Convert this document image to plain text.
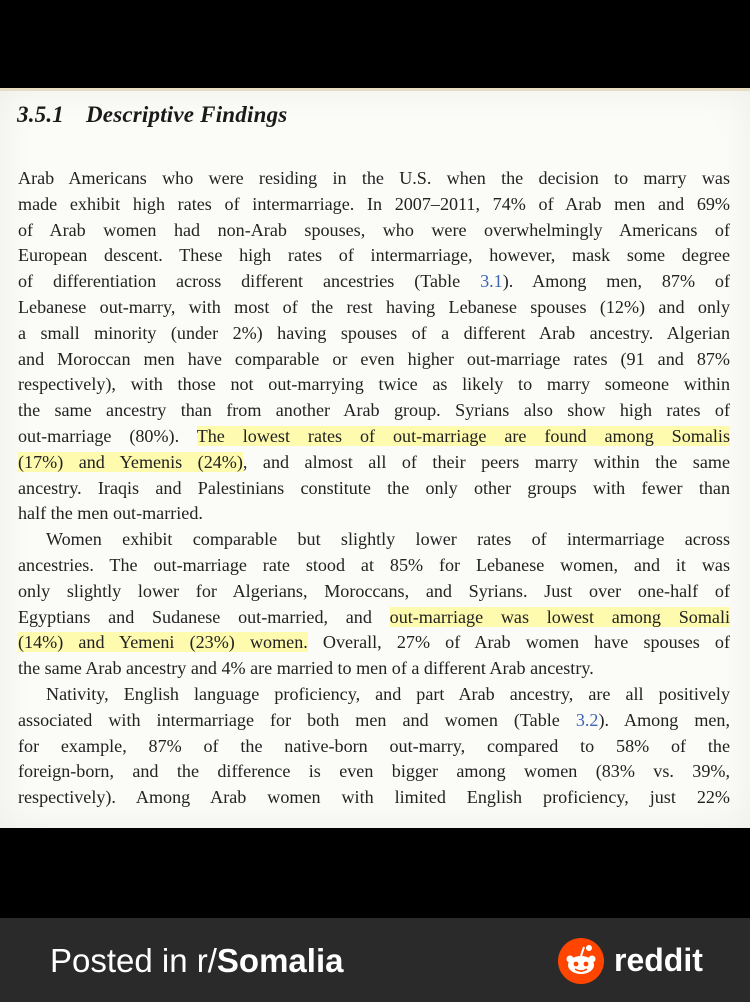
3.5.1 Descriptive Findings
Arab Americans who were residing in the U.S. when the decision to marry was
made exhibit high rates of intermarriage. In 2007–2011, 74% of Arab men and 69%
of Arab women had non-Arab spouses, who were overwhelmingly Americans of
European descent. These high rates of intermarriage, however, mask some degree
of differentiation across different ancestries (Table 3.1). Among men, 87% of
Lebanese out-marry, with most of the rest having Lebanese spouses (12%) and only
a small minority (under 2%) having spouses of a different Arab ancestry. Algerian
and Moroccan men have comparable or even higher out-marriage rates (91 and 87%
respectively), with those not out-marrying twice as likely to marry someone within
the same ancestry than from another Arab group. Syrians also show high rates of
out-marriage (80%). The lowest rates of out-marriage are found among Somalis
(17%) and Yemenis (24%), and almost all of their peers marry within the same
ancestry. Iraqis and Palestinians constitute the only other groups with fewer than
half the men out-married.
Women exhibit comparable but slightly lower rates of intermarriage across
ancestries. The out-marriage rate stood at 85% for Lebanese women, and it was
only slightly lower for Algerians, Moroccans, and Syrians. Just over one-half of
Egyptians and Sudanese out-married, and out-marriage was lowest among Somali
(14%) and Yemeni (23%) women. Overall, 27% of Arab women have spouses of
the same Arab ancestry and 4% are married to men of a different Arab ancestry.
Nativity, English language proficiency, and part Arab ancestry, are all positively
associated with intermarriage for both men and women (Table 3.2). Among men,
for example, 87% of the native-born out-marry, compared to 58% of the
foreign-born, and the difference is even bigger among women (83% vs. 39%,
respectively). Among Arab women with limited English proficiency, just 22%
Posted in r/Somalia	reddit
